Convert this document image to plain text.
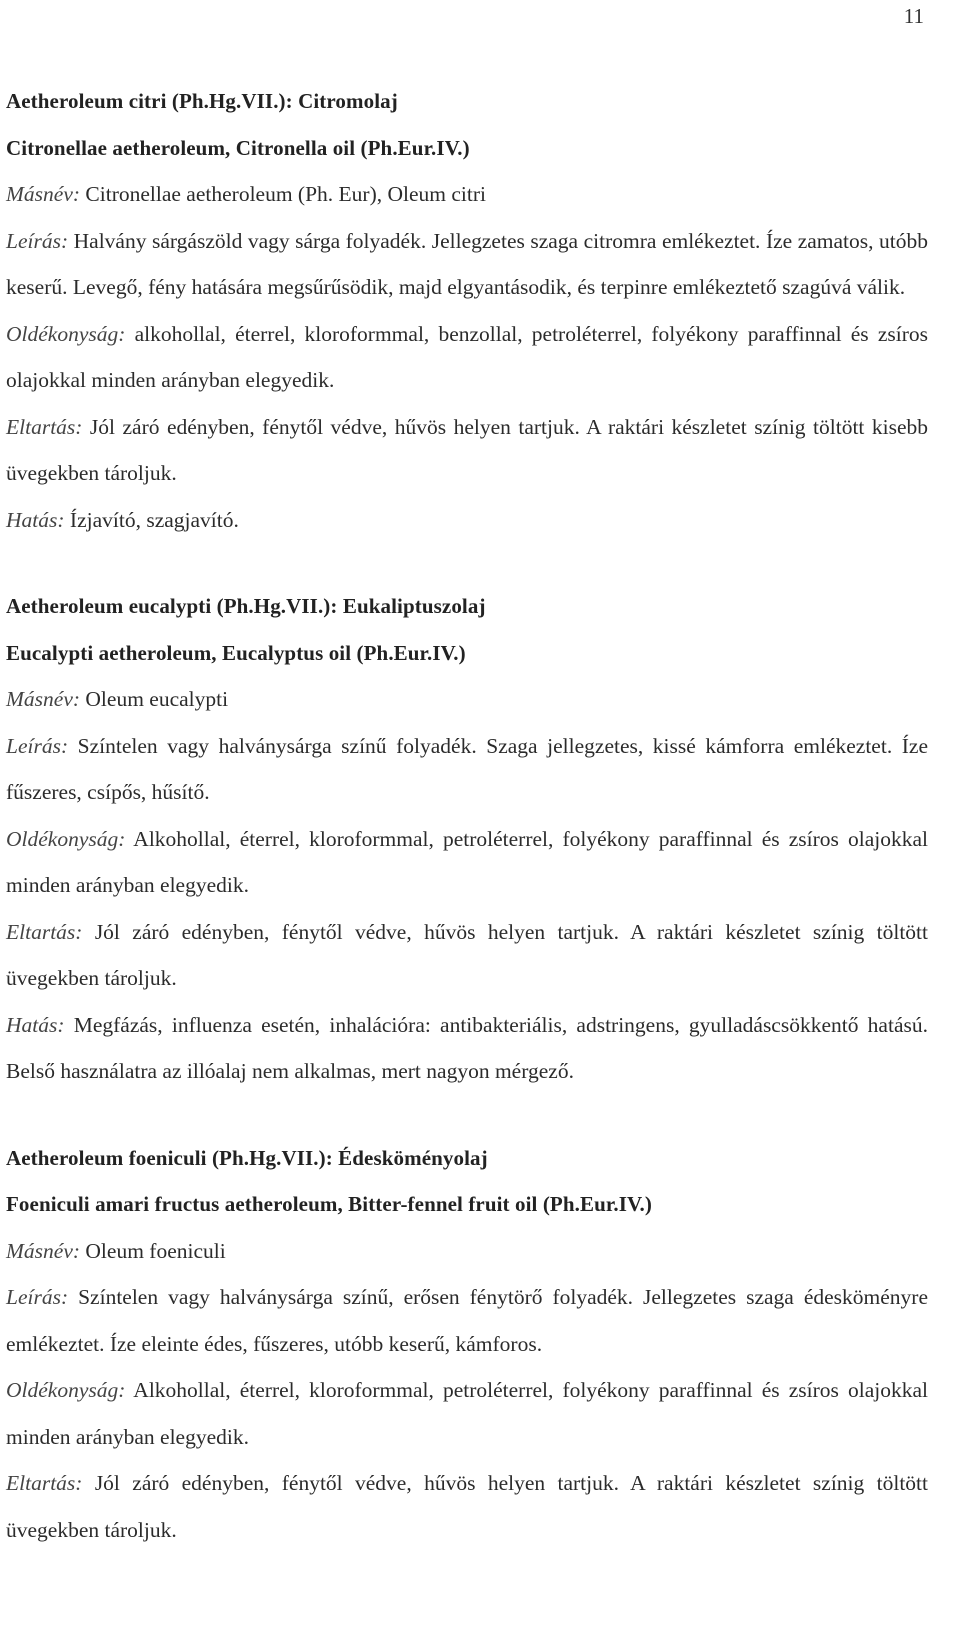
11

Aetheroleum citri (Ph.Hg.VII.): Citromolaj

Citronellae aetheroleum, Citronella oil (Ph.Eur.IV.)

Másnév: Citronellae aetheroleum (Ph. Eur), Oleum citri

Leírás: Halvány sárgászöld vagy sárga folyadék. Jellegzetes szaga citromra emlékeztet. Íze zamatos, utóbb keserű. Levegő, fény hatására megsűrűsödik, majd elgyantásodik, és terpinre emlékeztető szagúvá válik.

Oldékonyság: alkohollal, éterrel, kloroformmal, benzollal, petroléterrel, folyékony paraffinnal és zsíros olajokkal minden arányban elegyedik.

Eltartás: Jól záró edényben, fénytől védve, hűvös helyen tartjuk. A raktári készletet színig töltött kisebb üvegekben tároljuk.

Hatás: Ízjavító, szagjavító.

Aetheroleum eucalypti (Ph.Hg.VII.): Eukaliptuszolaj

Eucalypti aetheroleum, Eucalyptus oil (Ph.Eur.IV.)

Másnév: Oleum eucalypti

Leírás: Színtelen vagy halványsárga színű folyadék. Szaga jellegzetes, kissé kámforra emlékeztet. Íze fűszeres, csípős, hűsítő.

Oldékonyság: Alkohollal, éterrel, kloroformmal, petroléterrel, folyékony paraffinnal és zsíros olajokkal minden arányban elegyedik.

Eltartás: Jól záró edényben, fénytől védve, hűvös helyen tartjuk. A raktári készletet színig töltött üvegekben tároljuk.

Hatás: Megfázás, influenza esetén, inhalációra: antibakteriális, adstringens, gyulladáscsökkentő hatású. Belső használatra az illóalaj nem alkalmas, mert nagyon mérgező.

Aetheroleum foeniculi (Ph.Hg.VII.): Édesköményolaj

Foeniculi amari fructus aetheroleum, Bitter-fennel fruit oil (Ph.Eur.IV.)

Másnév: Oleum foeniculi

Leírás: Színtelen vagy halványsárga színű, erősen fénytörő folyadék. Jellegzetes szaga édesköményre emlékeztet. Íze eleinte édes, fűszeres, utóbb keserű, kámforos.

Oldékonyság: Alkohollal, éterrel, kloroformmal, petroléterrel, folyékony paraffinnal és zsíros olajokkal minden arányban elegyedik.

Eltartás: Jól záró edényben, fénytől védve, hűvös helyen tartjuk. A raktári készletet színig töltött üvegekben tároljuk.
